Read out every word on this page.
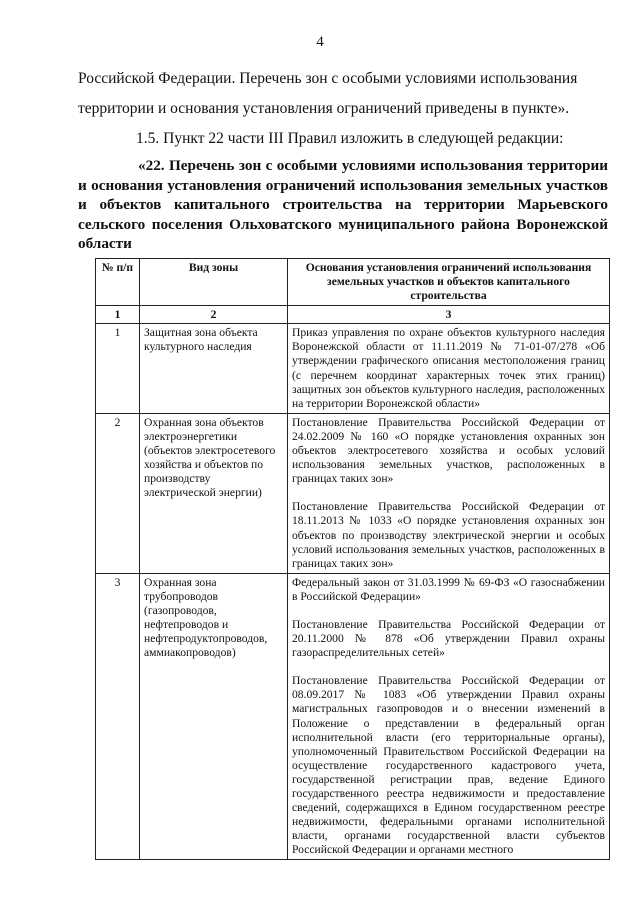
4

Российской Федерации. Перечень зон с особыми условиями использования

территории и основания установления ограничений приведены в пункте».

1.5. Пункт 22 части III Правил изложить в следующей редакции:

«22. Перечень зон с особыми условиями использования территории и основания установления ограничений использования земельных участков и объектов капитального строительства на территории Марьевского сельского поселения Ольховатского муниципального района Воронежской области

№ п/п	Вид зоны	Основания установления ограничений использования земельных участков и объектов капитального строительства
1	2	3
1	Защитная зона объекта культурного наследия	Приказ управления по охране объектов культурного наследия Воронежской области от 11.11.2019 № 71-01-07/278 «Об утверждении графического описания местоположения границ (с перечнем координат характерных точек этих границ) защитных зон объектов культурного наследия, расположенных на территории Воронежской области»

2	Охранная зона объектов электроэнергетики (объектов электросетевого хозяйства и объектов по производству электрической энергии)	Постановление Правительства Российской Федерации от 24.02.2009 № 160 «О порядке установления охранных зон объектов электросетевого хозяйства и особых условий использования земельных участков, расположенных в границах таких зон»

Постановление Правительства Российской Федерации от 18.11.2013 № 1033 «О порядке установления охранных зон объектов по производству электрической энергии и особых условий использования земельных участков, расположенных в границах таких зон»

3	Охранная зона трубопроводов (газопроводов, нефтепроводов и нефтепродуктопроводов, аммиакопроводов)	Федеральный закон от 31.03.1999 № 69-ФЗ «О газоснабжении в Российской Федерации»

Постановление Правительства Российской Федерации от 20.11.2000 № 878 «Об утверждении Правил охраны газораспределительных сетей»

Постановление Правительства Российской Федерации от 08.09.2017 № 1083 «Об утверждении Правил охраны магистральных газопроводов и о внесении изменений в Положение о представлении в федеральный орган исполнительной власти (его территориальные органы), уполномоченный Правительством Российской Федерации на осуществление государственного кадастрового учета, государственной регистрации прав, ведение Единого государственного реестра недвижимости и предоставление сведений, содержащихся в Едином государственном реестре недвижимости, федеральными органами исполнительной власти, органами государственной власти субъектов Российской Федерации и органами местного
